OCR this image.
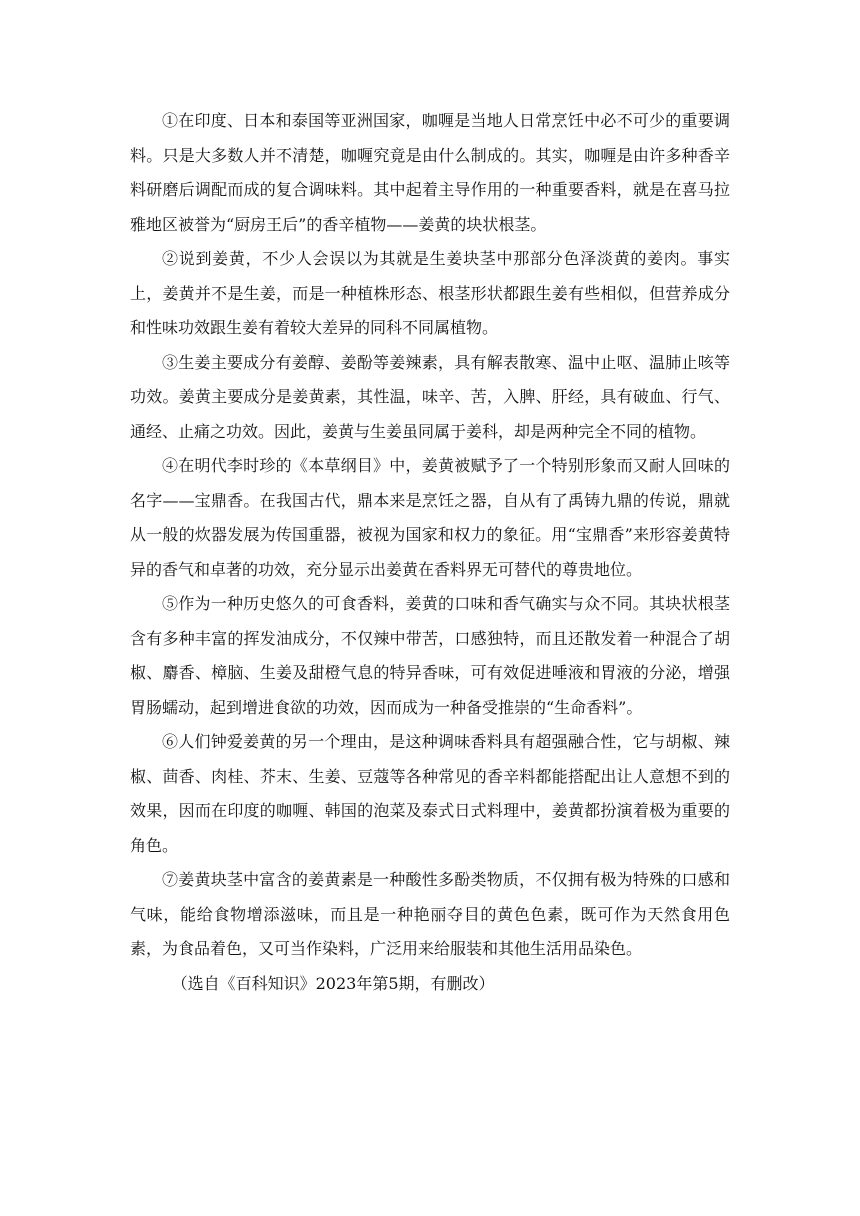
①在印度、日本和泰国等亚洲国家，咖喱是当地人日常烹饪中必不可少的重要调料。只是大多数人并不清楚，咖喱究竟是由什么制成的。其实，咖喱是由许多种香辛料研磨后调配而成的复合调味料。其中起着主导作用的一种重要香料，就是在喜马拉雅地区被誉为“厨房王后”的香辛植物——姜黄的块状根茎。

②说到姜黄，不少人会误以为其就是生姜块茎中那部分色泽淡黄的姜肉。事实上，姜黄并不是生姜，而是一种植株形态、根茎形状都跟生姜有些相似，但营养成分和性味功效跟生姜有着较大差异的同科不同属植物。

③生姜主要成分有姜醇、姜酚等姜辣素，具有解表散寒、温中止呕、温肺止咳等功效。姜黄主要成分是姜黄素，其性温，味辛、苦，入脾、肝经，具有破血、行气、通经、止痛之功效。因此，姜黄与生姜虽同属于姜科，却是两种完全不同的植物。

④在明代李时珍的《本草纲目》中，姜黄被赋予了一个特别形象而又耐人回味的名字——宝鼎香。在我国古代，鼎本来是烹饪之器，自从有了禹铸九鼎的传说，鼎就从一般的炊器发展为传国重器，被视为国家和权力的象征。用“宝鼎香”来形容姜黄特异的香气和卓著的功效，充分显示出姜黄在香料界无可替代的尊贵地位。

⑤作为一种历史悠久的可食香料，姜黄的口味和香气确实与众不同。其块状根茎含有多种丰富的挥发油成分，不仅辣中带苦，口感独特，而且还散发着一种混合了胡椒、麝香、樟脑、生姜及甜橙气息的特异香味，可有效促进唾液和胃液的分泌，增强胃肠蠕动，起到增进食欲的功效，因而成为一种备受推崇的“生命香料”。

⑥人们钟爱姜黄的另一个理由，是这种调味香料具有超强融合性，它与胡椒、辣椒、茴香、肉桂、芥末、生姜、豆蔻等各种常见的香辛料都能搭配出让人意想不到的效果，因而在印度的咖喱、韩国的泡菜及泰式日式料理中，姜黄都扮演着极为重要的角色。

⑦姜黄块茎中富含的姜黄素是一种酸性多酚类物质，不仅拥有极为特殊的口感和气味，能给食物增添滋味，而且是一种艳丽夺目的黄色色素，既可作为天然食用色素，为食品着色，又可当作染料，广泛用来给服装和其他生活用品染色。

（选自《百科知识》2023年第5期，有删改）
